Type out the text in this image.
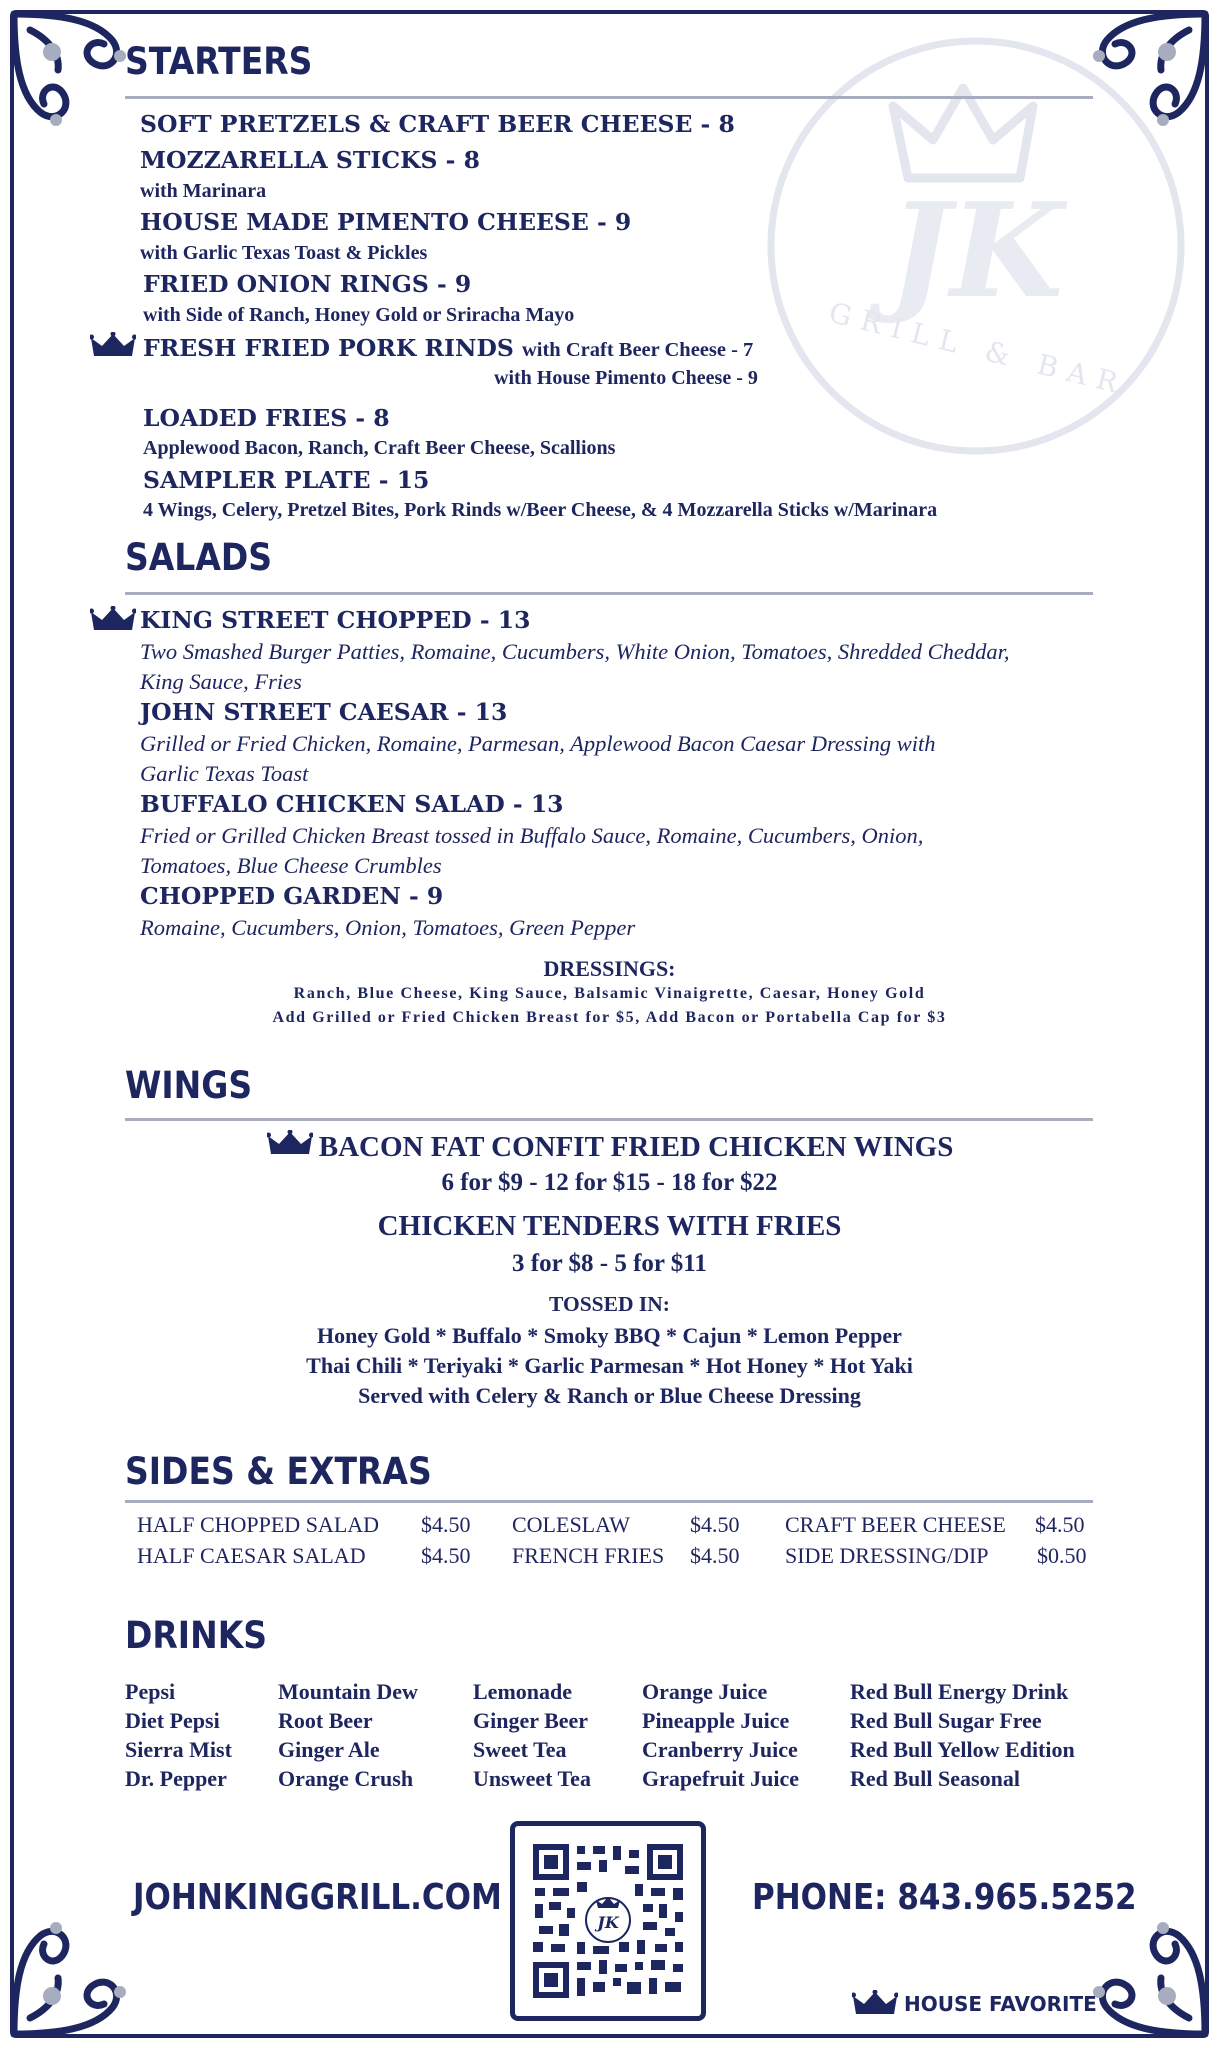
JK
GRILL & BAR
STARTERS
SOFT PRETZELS & CRAFT BEER CHEESE - 8
MOZZARELLA STICKS - 8
with Marinara
HOUSE MADE PIMENTO CHEESE - 9
with Garlic Texas Toast & Pickles
FRIED ONION RINGS - 9
with Side of Ranch, Honey Gold or Sriracha Mayo
FRESH FRIED PORK RINDS with Craft Beer Cheese - 7
with House Pimento Cheese - 9
LOADED FRIES - 8
Applewood Bacon, Ranch, Craft Beer Cheese, Scallions
SAMPLER PLATE - 15
4 Wings, Celery, Pretzel Bites, Pork Rinds w/Beer Cheese, & 4 Mozzarella Sticks w/Marinara
SALADS
KING STREET CHOPPED - 13
Two Smashed Burger Patties, Romaine, Cucumbers, White Onion, Tomatoes, Shredded Cheddar,
King Sauce, Fries
JOHN STREET CAESAR - 13
Grilled or Fried Chicken, Romaine, Parmesan, Applewood Bacon Caesar Dressing with
Garlic Texas Toast
BUFFALO CHICKEN SALAD - 13
Fried or Grilled Chicken Breast tossed in Buffalo Sauce, Romaine, Cucumbers, Onion,
Tomatoes, Blue Cheese Crumbles
CHOPPED GARDEN - 9
Romaine, Cucumbers, Onion, Tomatoes, Green Pepper
DRESSINGS:
Ranch, Blue Cheese, King Sauce, Balsamic Vinaigrette, Caesar, Honey Gold
Add Grilled or Fried Chicken Breast for $5, Add Bacon or Portabella Cap for $3
WINGS
BACON FAT CONFIT FRIED CHICKEN WINGS
6 for $9 - 12 for $15 - 18 for $22
CHICKEN TENDERS WITH FRIES
3 for $8 - 5 for $11
TOSSED IN:
Honey Gold * Buffalo * Smoky BBQ * Cajun * Lemon Pepper
Thai Chili * Teriyaki * Garlic Parmesan * Hot Honey * Hot Yaki
Served with Celery & Ranch or Blue Cheese Dressing
SIDES & EXTRAS
HALF CHOPPED SALAD $4.50
HALF CAESAR SALAD	$4.50
COLESLAW	$4.50
FRENCH FRIES $4.50
CRAFT BEER CHEESE $4.50
SIDE DRESSING/DIP $0.50
DRINKS
Pepsi
Diet Pepsi
Sierra Mist
Dr. Pepper
Mountain Dew
Root Beer
Ginger Ale
Orange Crush
Lemonade
Ginger Beer
Sweet Tea
Unsweet Tea
Orange Juice
Pineapple Juice
Cranberry Juice
Grapefruit Juice
Red Bull Energy Drink
Red Bull Sugar Free
Red Bull Yellow Edition
Red Bull Seasonal
JOHNKINGGRILL.COM
JK
PHONE: 843.965.5252
HOUSE FAVORITE
